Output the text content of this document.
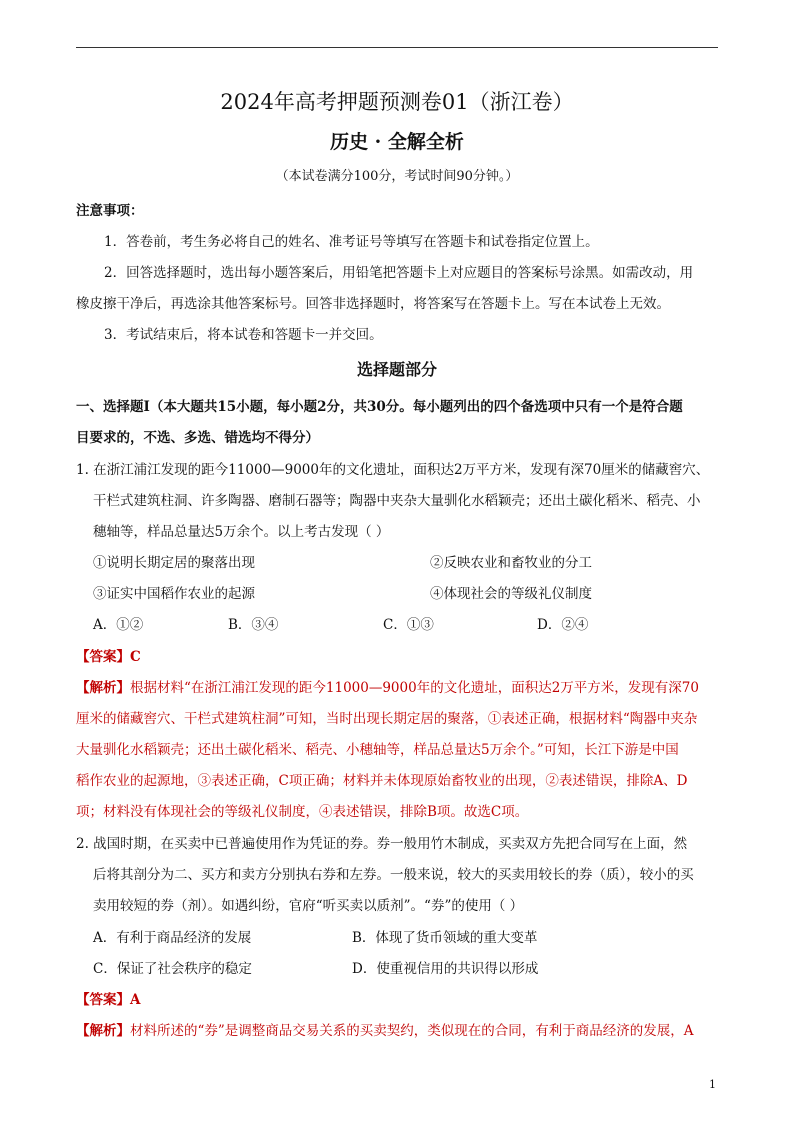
2024年高考押题预测卷01（浙江卷）
历史 · 全解全析
（本试卷满分100分，考试时间90分钟。）
注意事项：
1．答卷前，考生务必将自己的姓名、准考证号等填写在答题卡和试卷指定位置上。
2．回答选择题时，选出每小题答案后，用铅笔把答题卡上对应题目的答案标号涂黑。如需改动，用
橡皮擦干净后，再选涂其他答案标号。回答非选择题时，将答案写在答题卡上。写在本试卷上无效。
3．考试结束后，将本试卷和答题卡一并交回。
选择题部分
一、选择题Ⅰ（本大题共15小题，每小题2分，共30分。每小题列出的四个备选项中只有一个是符合题
目要求的，不选、多选、错选均不得分）
1. 在浙江浦江发现的距今11000—9000年的文化遗址，面积达2万平方米，发现有深70厘米的储藏窖穴、
干栏式建筑柱洞、许多陶器、磨制石器等；陶器中夹杂大量驯化水稻颖壳；还出土碳化稻米、稻壳、小
穗轴等，样品总量达5万余个。以上考古发现（ ）
①说明长期定居的聚落出现	②反映农业和畜牧业的分工
③证实中国稻作农业的起源	④体现社会的等级礼仪制度
A．①②	B．③④	C．①③	D．②④
【答案】C
【解析】根据材料“在浙江浦江发现的距今11000—9000年的文化遗址，面积达2万平方米，发现有深70
厘米的储藏窖穴、干栏式建筑柱洞”可知，当时出现长期定居的聚落，①表述正确，根据材料“陶器中夹杂
大量驯化水稻颖壳；还出土碳化稻米、稻壳、小穗轴等，样品总量达5万余个。”可知，长江下游是中国
稻作农业的起源地，③表述正确，C项正确；材料并未体现原始畜牧业的出现，②表述错误，排除A、D
项；材料没有体现社会的等级礼仪制度，④表述错误，排除B项。故选C项。
2. 战国时期，在买卖中已普遍使用作为凭证的券。券一般用竹木制成，买卖双方先把合同写在上面，然
后将其剖分为二、买方和卖方分别执右券和左券。一般来说，较大的买卖用较长的券（质），较小的买
卖用较短的券（剂）。如遇纠纷，官府“听买卖以质剂”。“券”的使用（ ）
A．有利于商品经济的发展	B．体现了货币领域的重大变革
C．保证了社会秩序的稳定	D．使重视信用的共识得以形成
【答案】A
【解析】材料所述的“券”是调整商品交易关系的买卖契约，类似现在的合同，有利于商品经济的发展，A
1
